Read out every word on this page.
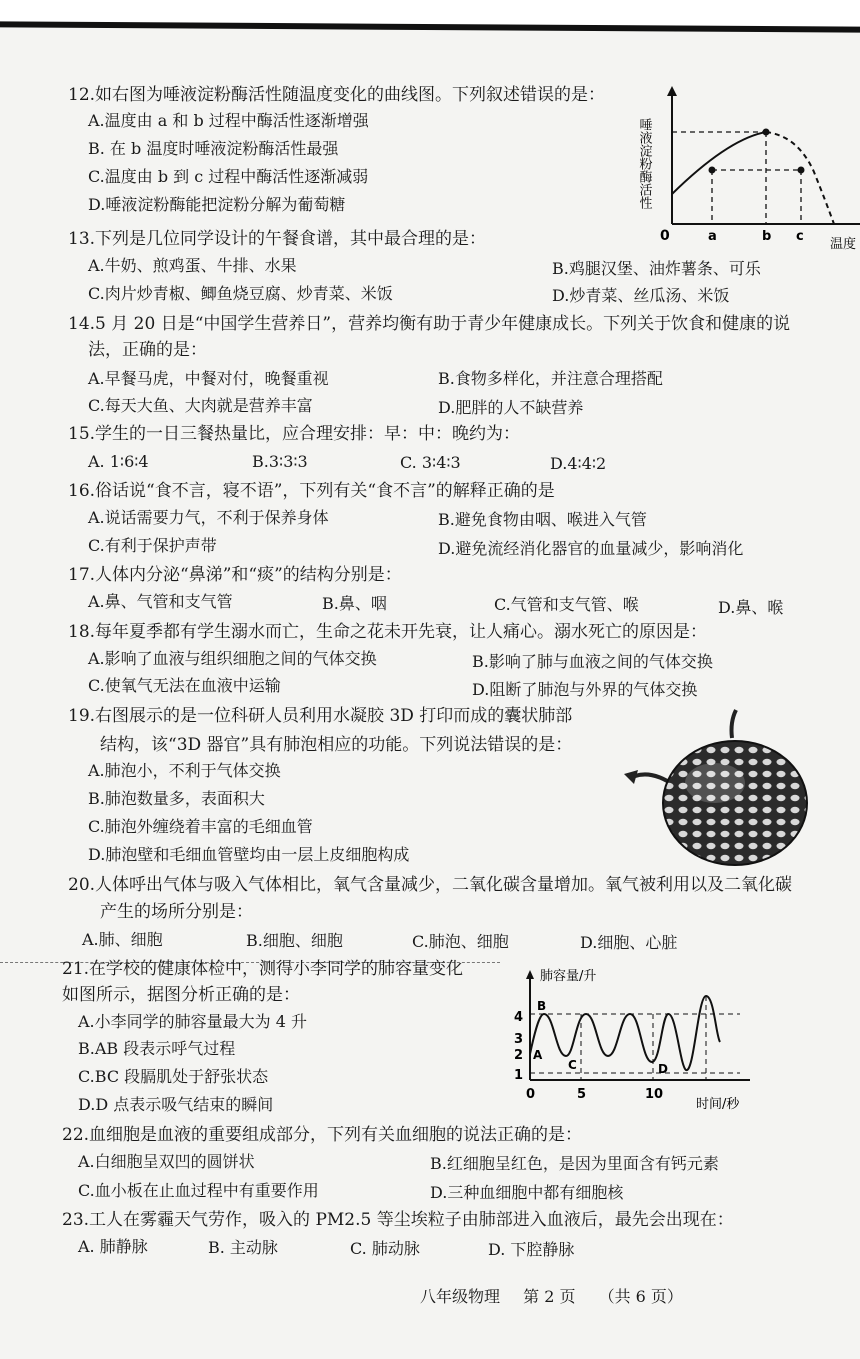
12.如右图为唾液淀粉酶活性随温度变化的曲线图。下列叙述错误的是：
A.温度由 a 和 b 过程中酶活性逐渐增强
B. 在 b 温度时唾液淀粉酶活性最强
C.温度由 b 到 c 过程中酶活性逐渐减弱
D.唾液淀粉酶能把淀粉分解为葡萄糖	唾液淀粉酶活性
0	a	b c
温度
13.下列是几位同学设计的午餐食谱，其中最合理的是：
A.牛奶、煎鸡蛋、牛排、水果	B.鸡腿汉堡、油炸薯条、可乐
C.肉片炒青椒、鲫鱼烧豆腐、炒青菜、米饭	D.炒青菜、丝瓜汤、米饭
14.5 月 20 日是“中国学生营养日”，营养均衡有助于青少年健康成长。下列关于饮食和健康的说
法，正确的是：
A.早餐马虎，中餐对付，晚餐重视	B.食物多样化，并注意合理搭配
C.每天大鱼、大肉就是营养丰富	D.肥胖的人不缺营养
15.学生的一日三餐热量比，应合理安排：早：中：晚约为：
A. 1∶6∶4	B.3∶3∶3	C. 3∶4∶3	D.4∶4∶2
16.俗话说“食不言，寝不语”，下列有关“食不言”的解释正确的是
A.说话需要力气，不利于保养身体	B.避免食物由咽、喉进入气管
C.有利于保护声带	D.避免流经消化器官的血量减少，影响消化
17.人体内分泌“鼻涕”和“痰”的结构分别是：
A.鼻、气管和支气管	B.鼻、咽	C.气管和支气管、喉	D.鼻、喉
18.每年夏季都有学生溺水而亡，生命之花未开先衰，让人痛心。溺水死亡的原因是：
A.影响了血液与组织细胞之间的气体交换	B.影响了肺与血液之间的气体交换
C.使氧气无法在血液中运输	D.阻断了肺泡与外界的气体交换
19.右图展示的是一位科研人员利用水凝胶 3D 打印而成的囊状肺部
结构，该“3D 器官”具有肺泡相应的功能。下列说法错误的是：
A.肺泡小，不利于气体交换
B.肺泡数量多，表面积大
C.肺泡外缠绕着丰富的毛细血管
D.肺泡壁和毛细血管壁均由一层上皮细胞构成
20.人体呼出气体与吸入气体相比，氧气含量减少，二氧化碳含量增加。氧气被利用以及二氧化碳
产生的场所分别是：
A.肺、细胞	B.细胞、细胞	C.肺泡、细胞	D.细胞、心脏
21.在学校的健康体检中，测得小李同学的肺容量变化
如图所示，据图分析正确的是：
A.小李同学的肺容量最大为 4 升
B.AB 段表示呼气过程
C.BC 段膈肌处于舒张状态
D.D 点表示吸气结束的瞬间
4
3
2
1
0	5	10
肺容量/升
时间/秒
A
B
C	D
22.血细胞是血液的重要组成部分，下列有关血细胞的说法正确的是：
A.白细胞呈双凹的圆饼状	B.红细胞呈红色，是因为里面含有钙元素
C.血小板在止血过程中有重要作用	D.三种血细胞中都有细胞核
23.工人在雾霾天气劳作，吸入的 PM2.5 等尘埃粒子由肺部进入血液后，最先会出现在：
A. 肺静脉	B. 主动脉	C. 肺动脉	D. 下腔静脉
八年级物理 第 2 页 （共 6 页）
